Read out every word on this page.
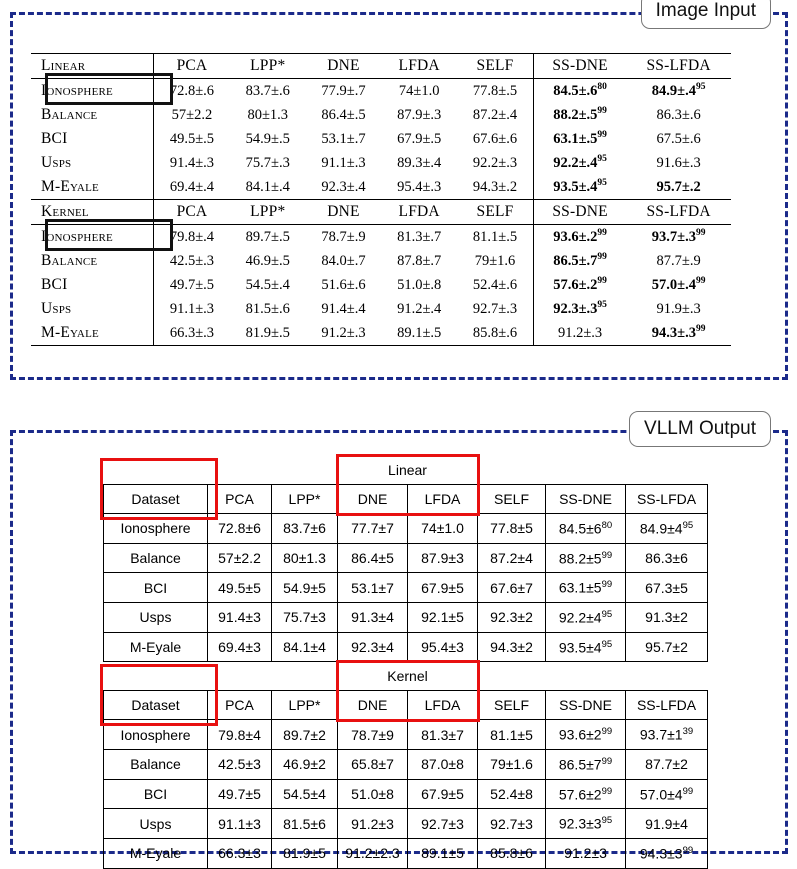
Image Input
Linear	PCA	LPP*	DNE	LFDA	SELF	SS-DNE	SS-LFDA
Ionosphere	72.8±.6	83.7±.6	77.9±.7	74±1.0	77.8±.5	$84.5\pm.6^{80}$	$84.9\pm.4^{95}$
Balance	57±2.2	80±1.3	86.4±.5	87.9±.3	87.2±.4	$88.2\pm.5^{99}$	86.3±.6
BCI	49.5±.5	54.9±.5	53.1±.7	67.9±.5	67.6±.6	$63.1\pm.5^{99}$	67.5±.6
Usps	91.4±.3	75.7±.3	91.1±.3	89.3±.4	92.2±.3	$92.2\pm.4^{95}$	91.6±.3
M-Eyale	69.4±.4	84.1±.4	92.3±.4	95.4±.3	94.3±.2	$93.5\pm.4^{95}$	95.7±.2
Kernel	PCA	LPP*	DNE	LFDA	SELF	SS-DNE	SS-LFDA
Ionosphere	79.8±.4	89.7±.5	78.7±.9	81.3±.7	81.1±.5	$93.6\pm.2^{99}$	$93.7\pm.3^{99}$
Balance	42.5±.3	46.9±.5	84.0±.7	87.8±.7	79±1.6	$86.5\pm.7^{99}$	87.7±.9
BCI	49.7±.5	54.5±.4	51.6±.6	51.0±.8	52.4±.6	$57.6\pm.2^{99}$	$57.0\pm.4^{99}$
Usps	91.1±.3	81.5±.6	91.4±.4	91.2±.4	92.7±.3	$92.3\pm.3^{95}$	91.9±.3
M-Eyale	66.3±.3	81.9±.5	91.2±.3	89.1±.5	85.8±.6	91.2±.3	$94.3\pm.3^{99}$
VLLM Output
			Linear				
Dataset	PCA	LPP*	DNE	LFDA	SELF	SS-DNE	SS-LFDA
Ionosphere	72.8±6	83.7±6	77.7±7	74±1.0	77.8±5	$84.5\pm 6^{80}$	$84.9\pm 4^{95}$
Balance	57±2.2	80±1.3	86.4±5	87.9±3	87.2±4	$88.2\pm 5^{99}$	86.3±6
BCI	49.5±5	54.9±5	53.1±7	67.9±5	67.6±7	$63.1\pm 5^{99}$	67.3±5
Usps	91.4±3	75.7±3	91.3±4	92.1±5	92.3±2	$92.2\pm 4^{95}$	91.3±2
M-Eyale	69.4±3	84.1±4	92.3±4	95.4±3	94.3±2	$93.5\pm 4^{95}$	95.7±2
			Kernel				
Dataset	PCA	LPP*	DNE	LFDA	SELF	SS-DNE	SS-LFDA
Ionosphere	79.8±4	89.7±2	78.7±9	81.3±7	81.1±5	$93.6\pm 2^{99}$	$93.7\pm 1^{39}$
Balance	42.5±3	46.9±2	65.8±7	87.0±8	79±1.6	$86.5\pm 7^{99}$	87.7±2
BCI	49.7±5	54.5±4	51.0±8	67.9±5	52.4±8	$57.6\pm 2^{99}$	$57.0\pm 4^{99}$
Usps	91.1±3	81.5±6	91.2±3	92.7±3	92.7±3	$92.3\pm 3^{95}$	91.9±4
M-Eyale	66.3±3	81.9±5	91.2±2.3	89.1±5	85.8±6	91.2±3	$94.3\pm 3^{99}$
